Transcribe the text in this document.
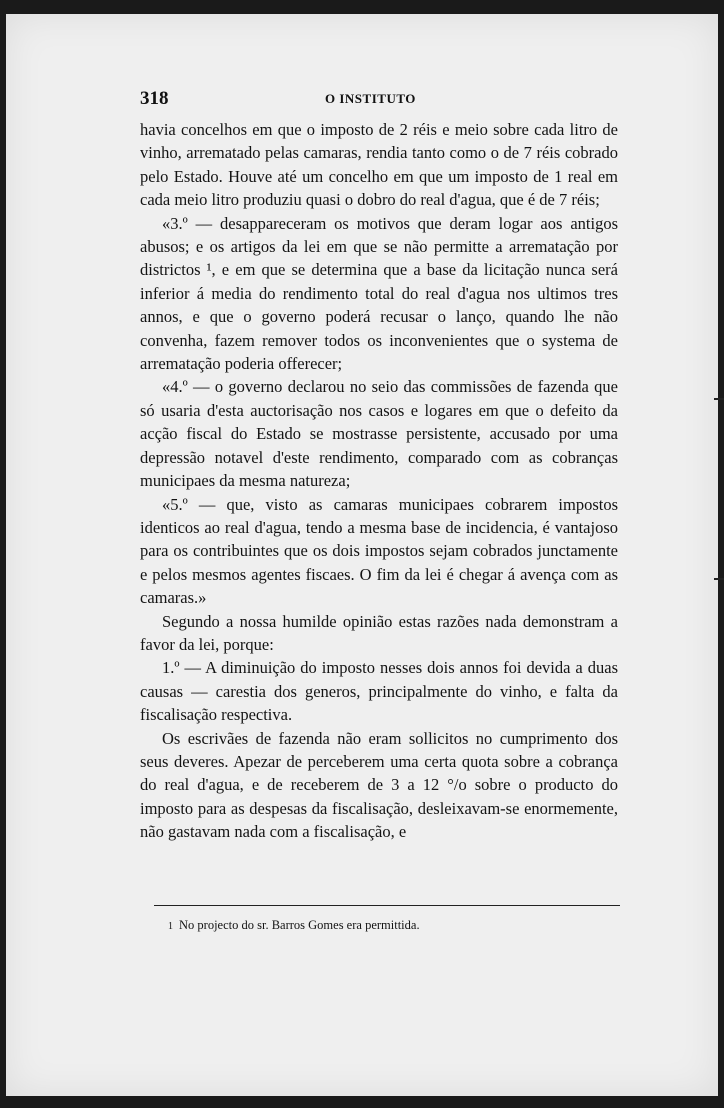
318	O INSTITUTO

havia concelhos em que o imposto de 2 réis e meio sobre cada litro de vinho, arrematado pelas camaras, rendia tanto como o de 7 réis cobrado pelo Estado. Houve até um concelho em que um imposto de 1 real em cada meio litro produziu quasi o dobro do real d'agua, que é de 7 réis;

«3.º — desappareceram os motivos que deram logar aos antigos abusos; e os artigos da lei em que se não permitte a arrematação por districtos ¹, e em que se determina que a base da licitação nunca será inferior á media do rendimento total do real d'agua nos ultimos tres annos, e que o governo poderá recusar o lanço, quando lhe não convenha, fazem remover todos os inconvenientes que o systema de arrematação poderia offerecer;

«4.º — o governo declarou no seio das commissões de fazenda que só usaria d'esta auctorisação nos casos e logares em que o defeito da acção fiscal do Estado se mostrasse persistente, accusado por uma depressão notavel d'este rendimento, comparado com as cobranças municipaes da mesma natureza;

«5.º — que, visto as camaras municipaes cobrarem impostos identicos ao real d'agua, tendo a mesma base de incidencia, é vantajoso para os contribuintes que os dois impostos sejam cobrados junctamente e pelos mesmos agentes fiscaes. O fim da lei é chegar á avença com as camaras.»

Segundo a nossa humilde opinião estas razões nada demonstram a favor da lei, porque:

1.º — A diminuição do imposto nesses dois annos foi devida a duas causas — carestia dos generos, principalmente do vinho, e falta da fiscalisação respectiva.

Os escrivães de fazenda não eram sollicitos no cumprimento dos seus deveres. Apezar de perceberem uma certa quota sobre a cobrança do real d'agua, e de receberem de 3 a 12 °/o sobre o producto do imposto para as despesas da fiscalisação, desleixavam-se enormemente, não gastavam nada com a fiscalisação, e

1 No projecto do sr. Barros Gomes era permittida.
